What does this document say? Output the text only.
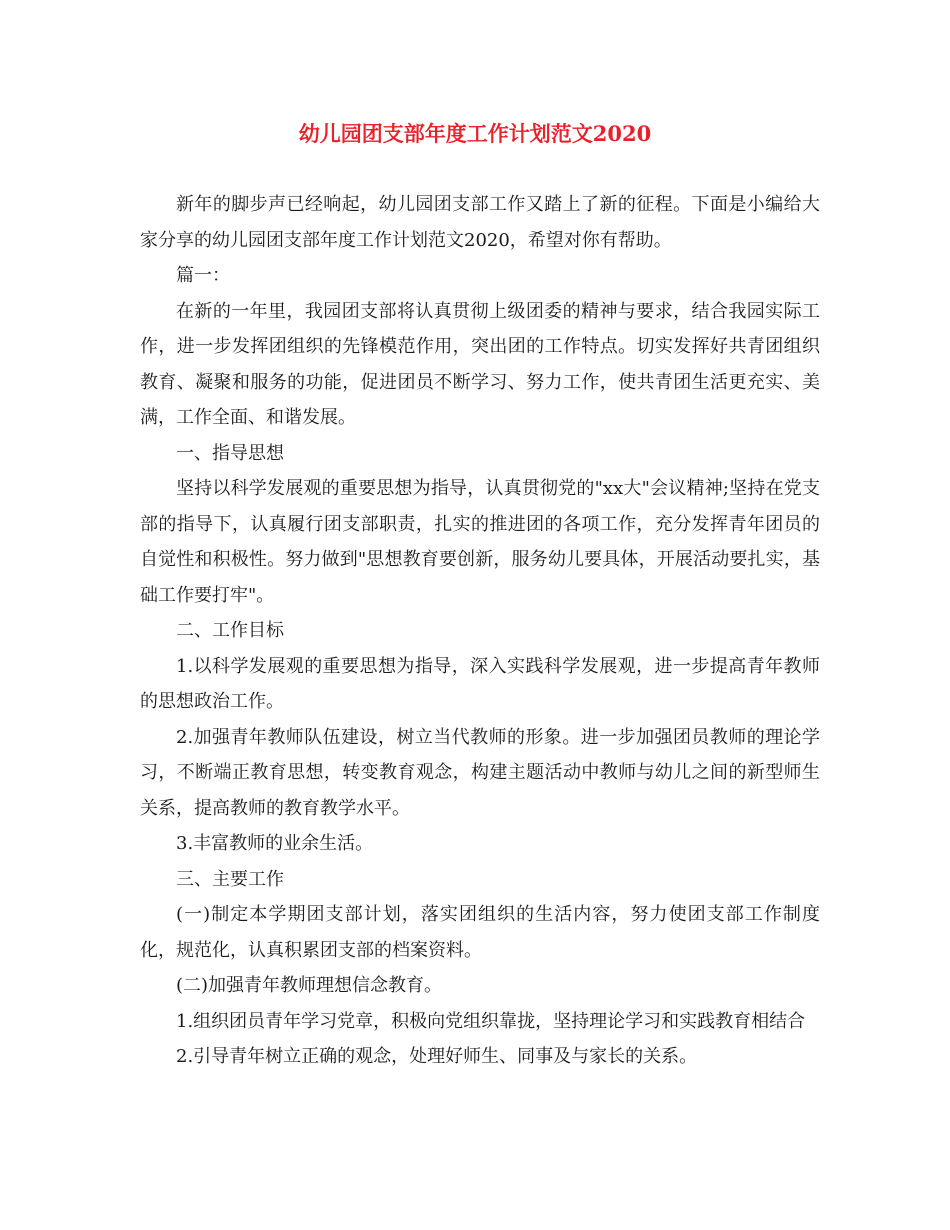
幼儿园团支部年度工作计划范文2020

新年的脚步声已经响起，幼儿园团支部工作又踏上了新的征程。下面是小编给大家分享的幼儿园团支部年度工作计划范文2020，希望对你有帮助。

篇一：

在新的一年里，我园团支部将认真贯彻上级团委的精神与要求，结合我园实际工作，进一步发挥团组织的先锋模范作用，突出团的工作特点。切实发挥好共青团组织教育、凝聚和服务的功能，促进团员不断学习、努力工作，使共青团生活更充实、美满，工作全面、和谐发展。

一、指导思想

坚持以科学发展观的重要思想为指导，认真贯彻党的"xx大"会议精神;坚持在党支部的指导下，认真履行团支部职责，扎实的推进团的各项工作，充分发挥青年团员的自觉性和积极性。努力做到"思想教育要创新，服务幼儿要具体，开展活动要扎实，基础工作要打牢"。

二、工作目标

1.以科学发展观的重要思想为指导，深入实践科学发展观，进一步提高青年教师的思想政治工作。

2.加强青年教师队伍建设，树立当代教师的形象。进一步加强团员教师的理论学习，不断端正教育思想，转变教育观念，构建主题活动中教师与幼儿之间的新型师生关系，提高教师的教育教学水平。

3.丰富教师的业余生活。

三、主要工作

(一)制定本学期团支部计划，落实团组织的生活内容，努力使团支部工作制度化，规范化，认真积累团支部的档案资料。

(二)加强青年教师理想信念教育。

1.组织团员青年学习党章，积极向党组织靠拢，坚持理论学习和实践教育相结合

2.引导青年树立正确的观念，处理好师生、同事及与家长的关系。
